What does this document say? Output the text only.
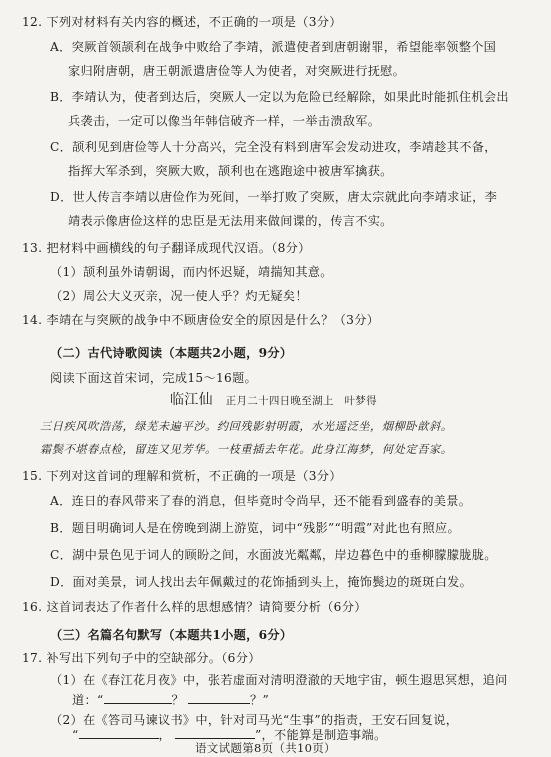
12. 下列对材料有关内容的概述，不正确的一项是（3分）
A．突厥首领颉利在战争中败给了李靖，派遣使者到唐朝谢罪，希望能率领整个国
家归附唐朝，唐王朝派遣唐俭等人为使者，对突厥进行抚慰。
B．李靖认为，使者到达后，突厥人一定以为危险已经解除，如果此时能抓住机会出
兵袭击，一定可以像当年韩信破齐一样，一举击溃敌军。
C．颉利见到唐俭等人十分高兴，完全没有料到唐军会发动进攻，李靖趁其不备，
指挥大军杀到，突厥大败，颉利也在逃跑途中被唐军擒获。
D．世人传言李靖以唐俭作为死间，一举打败了突厥，唐太宗就此向李靖求证，李
靖表示像唐俭这样的忠臣是无法用来做间谍的，传言不实。
13. 把材料中画横线的句子翻译成现代汉语。（8分）
（1）颉利虽外请朝谒，而内怀迟疑，靖揣知其意。
（2）周公大义灭亲，况一使人乎？灼无疑矣！
14. 李靖在与突厥的战争中不顾唐俭安全的原因是什么？（3分）
（二）古代诗歌阅读（本题共2小题，9分）
阅读下面这首宋词，完成15～16题。
临江仙 正月二十四日晚至湖上　叶梦得
三日疾风吹浩荡，绿芜未遍平沙。约回残影射明霞，水光遥泛坐，烟柳卧歆斜。
霜鬓不堪春点检，留连又见芳华。一枝重插去年花。此身江海梦，何处定吾家。
15. 下列对这首词的理解和赏析，不正确的一项是（3分）
A．连日的春风带来了春的消息，但毕竟时令尚早，还不能看到盛春的美景。
B．题目明确词人是在傍晚到湖上游览，词中“残影”“明霞”对此也有照应。
C．湖中景色见于词人的顾盼之间，水面波光粼粼，岸边暮色中的垂柳朦朦胧胧。
D．面对美景，词人找出去年佩戴过的花饰插到头上，掩饰鬓边的斑斑白发。
16. 这首词表达了作者什么样的思想感情？请简要分析（6分）
（三）名篇名句默写（本题共1小题，6分）
17. 补写出下列句子中的空缺部分。（6分）
（1）在《春江花月夜》中，张若虚面对清明澄澈的天地宇宙，顿生遐思冥想，追问
道：“	？	？”
（2）在《答司马谏议书》中，针对司马光“生事”的指责，王安石回复说，
“	，	”，不能算是制造事端。
语文试题第8页（共10页）
